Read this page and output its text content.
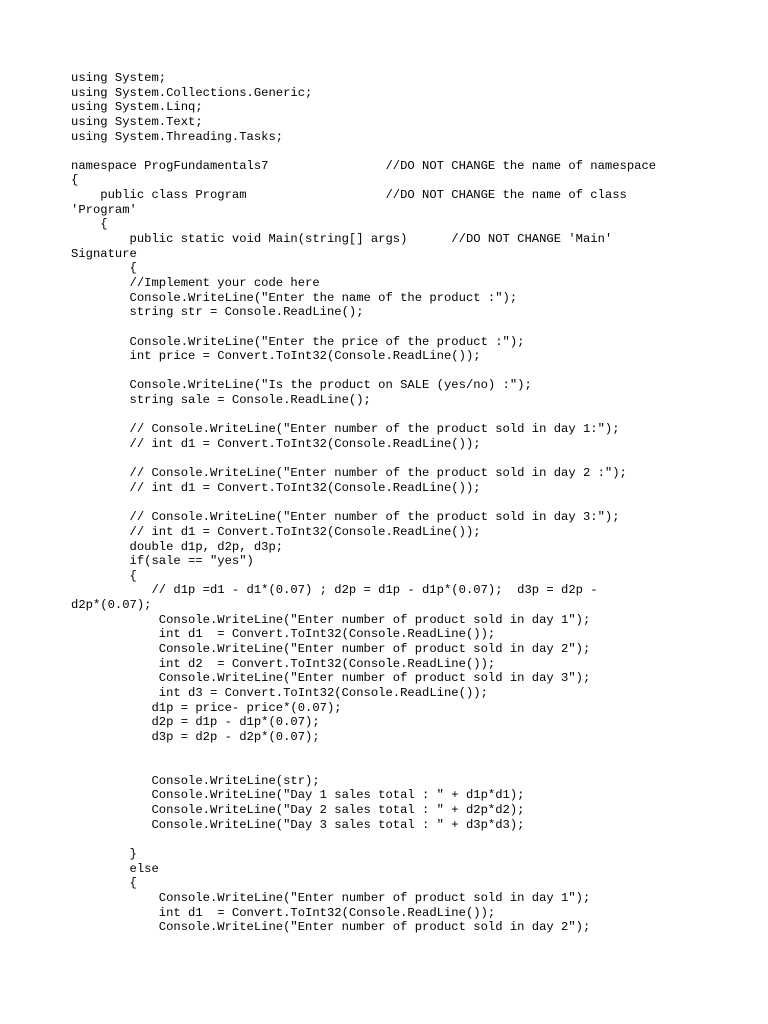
using System;
using System.Collections.Generic;
using System.Linq;
using System.Text;
using System.Threading.Tasks;
namespace ProgFundamentals7                //DO NOT CHANGE the name of namespace
{
public class Program                   //DO NOT CHANGE the name of class
'Program'
{
public static void Main(string[] args)      //DO NOT CHANGE 'Main'
Signature
{
//Implement your code here
Console.WriteLine("Enter the name of the product :");
string str = Console.ReadLine();
Console.WriteLine("Enter the price of the product :");
int price = Convert.ToInt32(Console.ReadLine());
Console.WriteLine("Is the product on SALE (yes/no) :");
string sale = Console.ReadLine();
// Console.WriteLine("Enter number of the product sold in day 1:");
// int d1 = Convert.ToInt32(Console.ReadLine());
// Console.WriteLine("Enter number of the product sold in day 2 :");
// int d1 = Convert.ToInt32(Console.ReadLine());
// Console.WriteLine("Enter number of the product sold in day 3:");
// int d1 = Convert.ToInt32(Console.ReadLine());
double d1p, d2p, d3p;
if(sale == "yes")
{
// d1p =d1 - d1*(0.07) ; d2p = d1p - d1p*(0.07);  d3p = d2p -
d2p*(0.07);
Console.WriteLine("Enter number of product sold in day 1");
int d1  = Convert.ToInt32(Console.ReadLine());
Console.WriteLine("Enter number of product sold in day 2");
int d2  = Convert.ToInt32(Console.ReadLine());
Console.WriteLine("Enter number of product sold in day 3");
int d3 = Convert.ToInt32(Console.ReadLine());
d1p = price- price*(0.07);
d2p = d1p - d1p*(0.07);
d3p = d2p - d2p*(0.07);
Console.WriteLine(str);
Console.WriteLine("Day 1 sales total : " + d1p*d1);
Console.WriteLine("Day 2 sales total : " + d2p*d2);
Console.WriteLine("Day 3 sales total : " + d3p*d3);
}
else
{
Console.WriteLine("Enter number of product sold in day 1");
int d1  = Convert.ToInt32(Console.ReadLine());
Console.WriteLine("Enter number of product sold in day 2");
